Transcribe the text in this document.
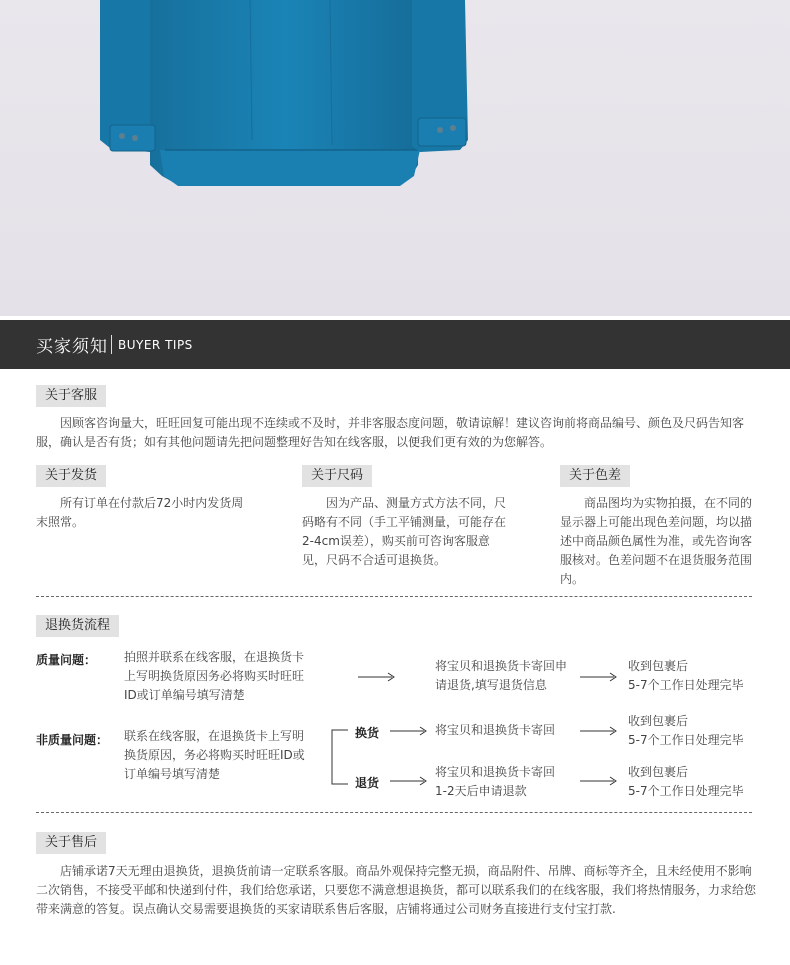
买家须知 BUYER TIPS
关于客服
因顾客咨询量大，旺旺回复可能出现不连续或不及时，并非客服态度问题，敬请谅解！建议咨询前将商品编号、颜色及尺码告知客服，确认是否有货；如有其他问题请先把问题整理好告知在线客服，以便我们更有效的为您解答。
关于发货
所有订单在付款后72小时内发货周末照常。
关于尺码
因为产品、测量方式方法不同，尺码略有不同（手工平铺测量，可能存在2-4cm误差），购买前可咨询客服意见，尺码不合适可退换货。
关于色差
商品图均为实物拍摄，在不同的显示器上可能出现色差问题，均以描述中商品颜色属性为准，或先咨询客服核对。色差问题不在退货服务范围内。
退换货流程
质量问题： 拍照并联系在线客服，在退换货卡上写明换货原因务必将购买时旺旺ID或订单编号填写清楚
将宝贝和退换货卡寄回申请退货,填写退货信息
收到包裹后
5-7个工作日处理完毕
非质量问题： 联系在线客服，在退换货卡上写明换货原因，务必将购买时旺旺ID或订单编号填写清楚
换货	将宝贝和退换货卡寄回
收到包裹后
5-7个工作日处理完毕
退货
将宝贝和退换货卡寄回
1-2天后申请退款
收到包裹后
5-7个工作日处理完毕
关于售后
店铺承诺7天无理由退换货，退换货前请一定联系客服。商品外观保持完整无损，商品附件、吊牌、商标等齐全，且未经使用不影响二次销售，不接受平邮和快递到付件，我们给您承诺，只要您不满意想退换货，都可以联系我们的在线客服，我们将热情服务，力求给您带来满意的答复。误点确认交易需要退换货的买家请联系售后客服，店铺将通过公司财务直接进行支付宝打款.
